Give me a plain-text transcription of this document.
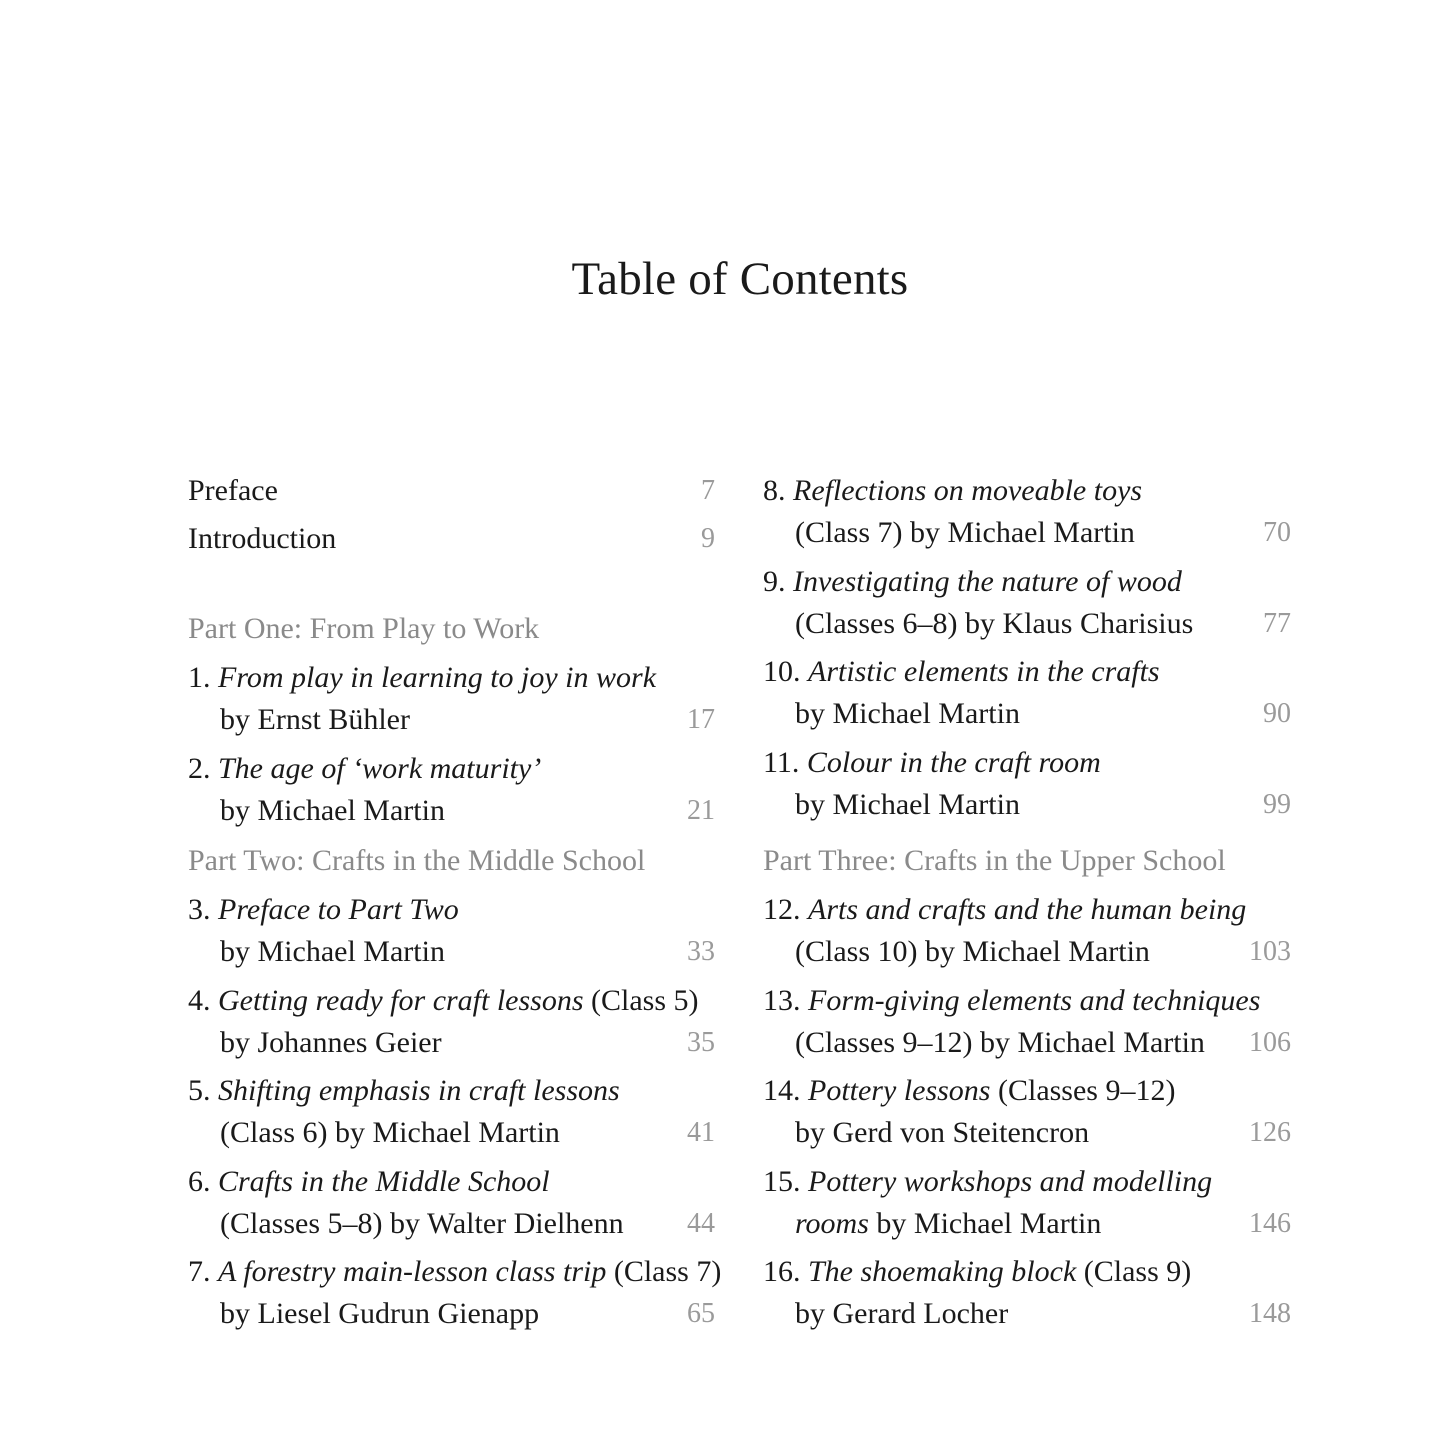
Table of Contents
Preface	7
Introduction	9
Part One: From Play to Work
1. From play in learning to joy in work
by Ernst Bühler	17
2. The age of ‘work maturity’
by Michael Martin	21
Part Two: Crafts in the Middle School
3. Preface to Part Two
by Michael Martin	33
4. Getting ready for craft lessons (Class 5)
by Johannes Geier	35
5. Shifting emphasis in craft lessons
(Class 6) by Michael Martin	41
6. Crafts in the Middle School
(Classes 5–8) by Walter Dielhenn 44
7. A forestry main-lesson class trip (Class 7)
by Liesel Gudrun Gienapp	65
8. Reflections on moveable toys
(Class 7) by Michael Martin	70
9. Investigating the nature of wood
(Classes 6–8) by Klaus Charisius 77
10. Artistic elements in the crafts
by Michael Martin	90
11. Colour in the craft room
by Michael Martin	99
Part Three: Crafts in the Upper School
12. Arts and crafts and the human being
(Class 10) by Michael Martin	103
13. Form-giving elements and techniques
(Classes 9–12) by Michael Martin 106
14. Pottery lessons (Classes 9–12)
by Gerd von Steitencron	126
15. Pottery workshops and modelling
rooms by Michael Martin	146
16. The shoemaking block (Class 9)
by Gerard Locher	148
